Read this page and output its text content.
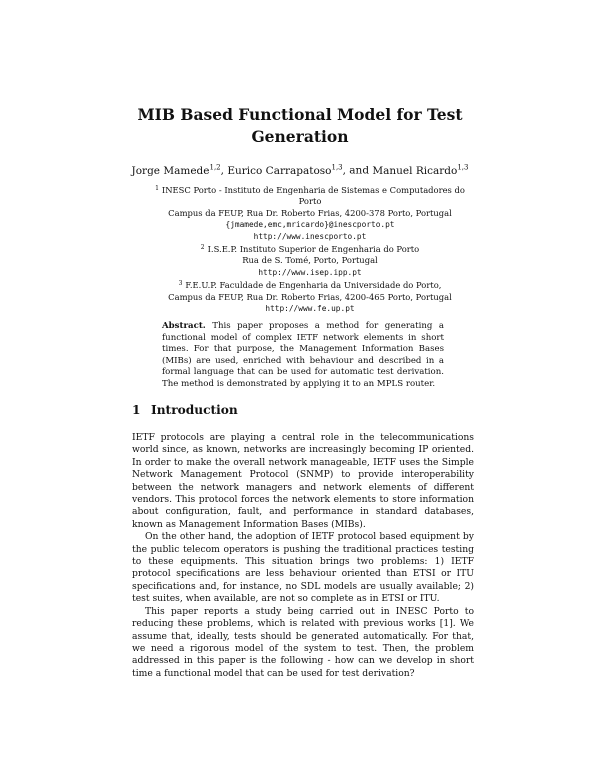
MIB Based Functional Model for Test Generation
Jorge Mamede$^{1,2}$, Eurico Carrapatoso$^{1,3}$, and Manuel Ricardo$^{1,3}$
$^1$ INESC Porto - Instituto de Engenharia de Sistemas e Computadores do Porto
Campus da FEUP, Rua Dr. Roberto Frias, 4200-378 Porto, Portugal
{jmamede,emc,mricardo}@inescporto.pt
http://www.inescporto.pt
$^2$ I.S.E.P. Instituto Superior de Engenharia do Porto
Rua de S. Tomé, Porto, Portugal
http://www.isep.ipp.pt
$^3$ F.E.U.P. Faculdade de Engenharia da Universidade do Porto,
Campus da FEUP, Rua Dr. Roberto Frias, 4200-465 Porto, Portugal
http://www.fe.up.pt
Abstract. This paper proposes a method for generating a functional model of complex IETF network elements in short times. For that purpose, the Management Information Bases (MIBs) are used, enriched with behaviour and described in a formal language that can be used for automatic test derivation. The method is demonstrated by applying it to an MPLS router.
1 Introduction

IETF protocols are playing a central role in the telecommunications world since, as known, networks are increasingly becoming IP oriented. In order to make the overall network manageable, IETF uses the Simple Network Management Protocol (SNMP) to provide interoperability between the network managers and network elements of different vendors. This protocol forces the network elements to store information about configuration, fault, and performance in standard databases, known as Management Information Bases (MIBs).

On the other hand, the adoption of IETF protocol based equipment by the public telecom operators is pushing the traditional practices testing to these equipments. This situation brings two problems: 1) IETF protocol specifications are less behaviour oriented than ETSI or ITU specifications and, for instance, no SDL models are usually available; 2) test suites, when available, are not so complete as in ETSI or ITU.

This paper reports a study being carried out in INESC Porto to reducing these problems, which is related with previous works [1]. We assume that, ideally, tests should be generated automatically. For that, we need a rigorous model of the system to test. Then, the problem addressed in this paper is the following - how can we develop in short time a functional model that can be used for test derivation?
